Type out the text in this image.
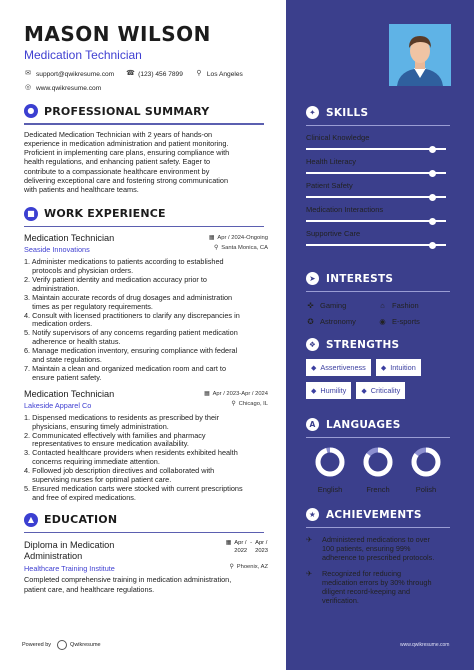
MASON WILSON
Medication Technician
✉ support@qwikresume.com ☎ (123) 456 7899 ⚲ Los Angeles
◎ www.qwikresume.com
● PROFESSIONAL SUMMARY
Dedicated Medication Technician with 2 years of hands-on
experience in medication administration and patient monitoring.
Proficient in implementing care plans, ensuring compliance with
health regulations, and enhancing patient safety. Eager to
contribute to a compassionate healthcare environment by
delivering exceptional care and fostering strong communication
with patients and healthcare teams.
■ WORK EXPERIENCE
Medication Technician	▦ Apr / 2024-Ongoing
Seaside Innovations	⚲ Santa Monica, CA
1. Administer medications to patients according to established
protocols and physician orders.
2. Verify patient identity and medication accuracy prior to
administration.
3. Maintain accurate records of drug dosages and administration
times as per regulatory requirements.
4. Consult with licensed practitioners to clarify any discrepancies in
medication orders.
5. Notify supervisors of any concerns regarding patient medication
adherence or health status.
6. Manage medication inventory, ensuring compliance with federal
and state regulations.
7. Maintain a clean and organized medication room and cart to
ensure patient safety.
Medication Technician	▦ Apr / 2023-Apr / 2024
Lakeside Apparel Co	⚲ Chicago, IL
1. Dispensed medications to residents as prescribed by their
physicians, ensuring timely administration.
2. Communicated effectively with families and pharmacy
representatives to ensure medication availability.
3. Contacted healthcare providers when residents exhibited health
concerns requiring immediate attention.
4. Followed job description directives and collaborated with
supervising nurses for optimal patient care.
5. Ensured medication carts were stocked with current prescriptions
and free of expired medications.
▲ EDUCATION
Diploma in Medication
Administration
▦ Apr /
2022
- Apr /
2023
Healthcare Training Institute	⚲ Phoenix, AZ
Completed comprehensive training in medication administration,
patient care, and healthcare regulations.
Powered by	Qwikresume
✦ SKILLS
Clinical Knowledge
Health Literacy
Patient Safety
Medication Interactions
Supportive Care
➤ INTERESTS
✜ Gaming	⌂ Fashion
✪ Astronomy	◉ E-sports
❖ STRENGTHS
◆ Assertiveness ◆ Intuition
◆ Humility ◆ Criticality
A LANGUAGES
English	French	Polish
★ ACHIEVEMENTS
✈	Administered medications to over
100 patients, ensuring 99%
adherence to prescribed protocols.
✈	Recognized for reducing
medication errors by 30% through
diligent record-keeping and
verification.
www.qwikresume.com
